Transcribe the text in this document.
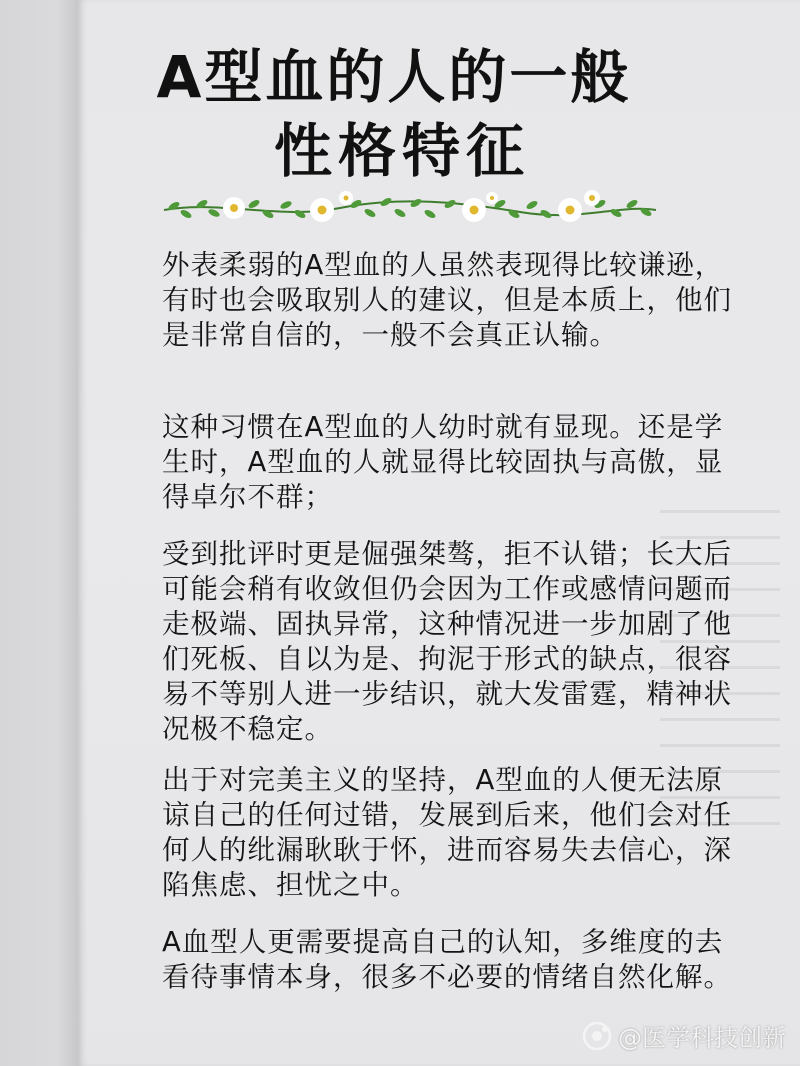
A型血的人的一般
性格特征

外表柔弱的A型血的人虽然表现得比较谦逊，有时也会吸取别人的建议，但是本质上，他们是非常自信的，一般不会真正认输。

这种习惯在A型血的人幼时就有显现。还是学生时，A型血的人就显得比较固执与高傲，显得卓尔不群；

受到批评时更是倔强桀骜，拒不认错；长大后可能会稍有收敛但仍会因为工作或感情问题而走极端、固执异常，这种情况进一步加剧了他们死板、自以为是、拘泥于形式的缺点，很容易不等别人进一步结识，就大发雷霆，精神状况极不稳定。

出于对完美主义的坚持，A型血的人便无法原谅自己的任何过错，发展到后来，他们会对任何人的纰漏耿耿于怀，进而容易失去信心，深陷焦虑、担忧之中。

A血型人更需要提高自己的认知，多维度的去看待事情本身，很多不必要的情绪自然化解。

@医学科技创新
